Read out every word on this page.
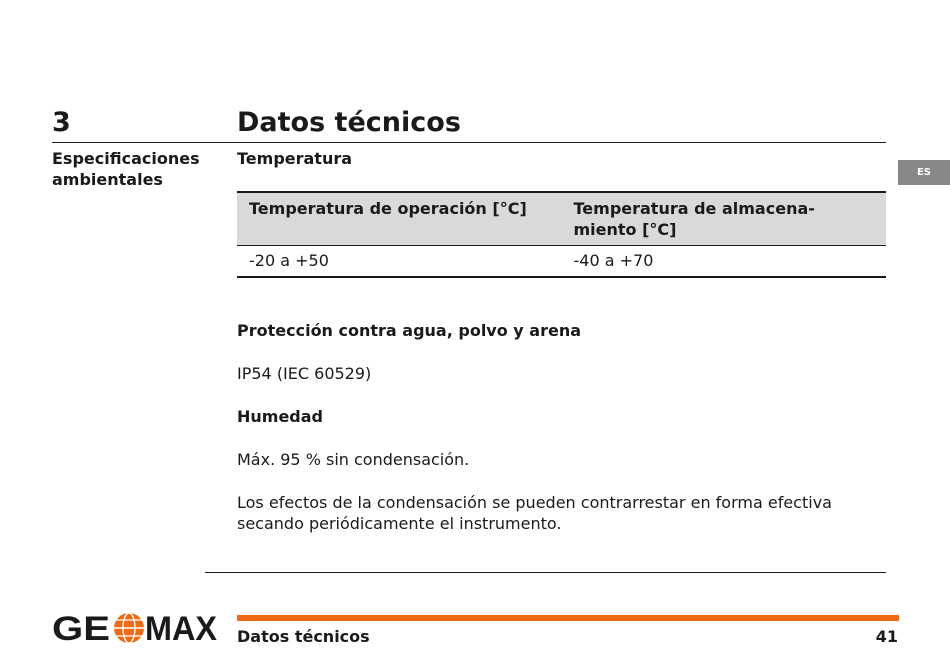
3	Datos técnicos
Especificaciones ambientales	ES
Temperatura
Temperatura de operación [°C]	Temperatura de almacena-miento [°C]
-20 a +50	-40 a +70
Protección contra agua, polvo y arena
IP54 (IEC 60529)
Humedad
Máx. 95 % sin condensación.
Los efectos de la condensación se pueden contrarrestar en forma efectiva secando periódicamente el instrumento.
GE MAX Datos técnicos	41
